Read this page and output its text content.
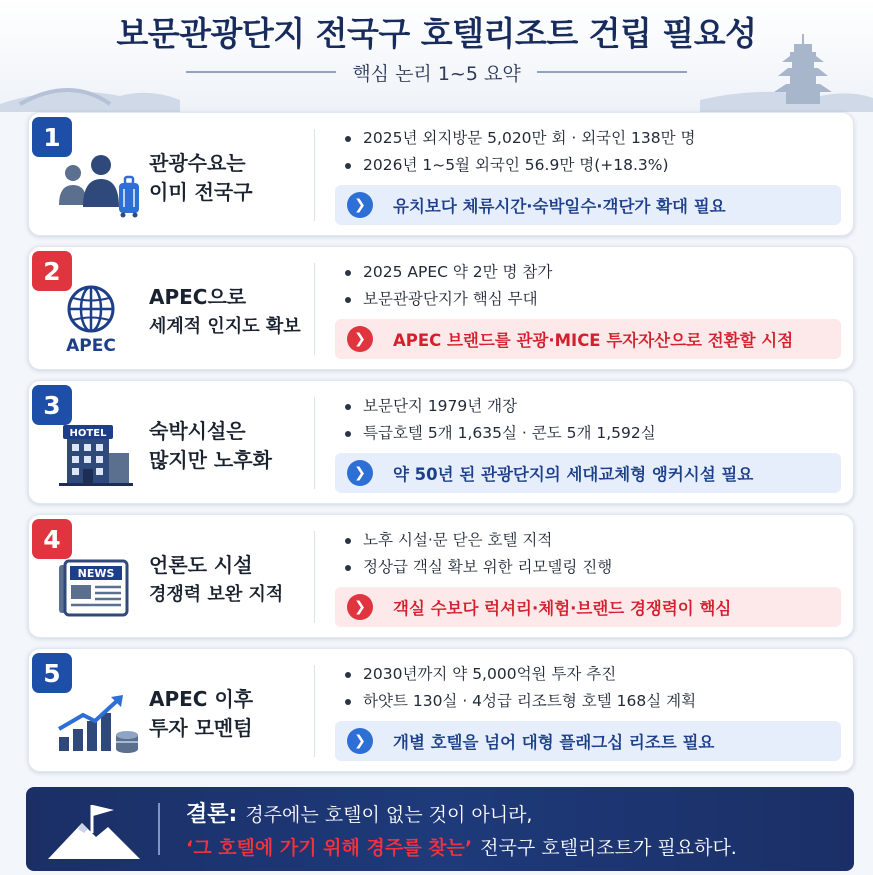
보문관광단지 전국구 호텔리조트 건립 필요성
핵심 논리 1~5 요약
1
관광수요는
이미 전국구
2025년 외지방문 5,020만 회 · 외국인 138만 명
2026년 1~5월 외국인 56.9만 명(+18.3%)
❯	유치보다 체류시간·숙박일수·객단가 확대 필요
2
APEC
APEC으로
세계적 인지도 확보
2025 APEC 약 2만 명 참가
보문관광단지가 핵심 무대
❯	APEC 브랜드를 관광·MICE 투자자산으로 전환할 시점
3
HOTEL 숙박시설은
많지만 노후화
보문단지 1979년 개장
특급호텔 5개 1,635실 · 콘도 5개 1,592실
❯	약 50년 된 관광단지의 세대교체형 앵커시설 필요
4
NEWS 언론도 시설
경쟁력 보완 지적
노후 시설·문 닫은 호텔 지적
정상급 객실 확보 위한 리모델링 진행
❯	객실 수보다 럭셔리·체험·브랜드 경쟁력이 핵심
5
APEC 이후
투자 모멘텀
2030년까지 약 5,000억원 투자 추진
하얏트 130실 · 4성급 리조트형 호텔 168실 계획
❯	개별 호텔을 넘어 대형 플래그십 리조트 필요
결론: 경주에는 호텔이 없는 것이 아니라,
‘그 호텔에 가기 위해 경주를 찾는’ 전국구 호텔리조트가 필요하다.
